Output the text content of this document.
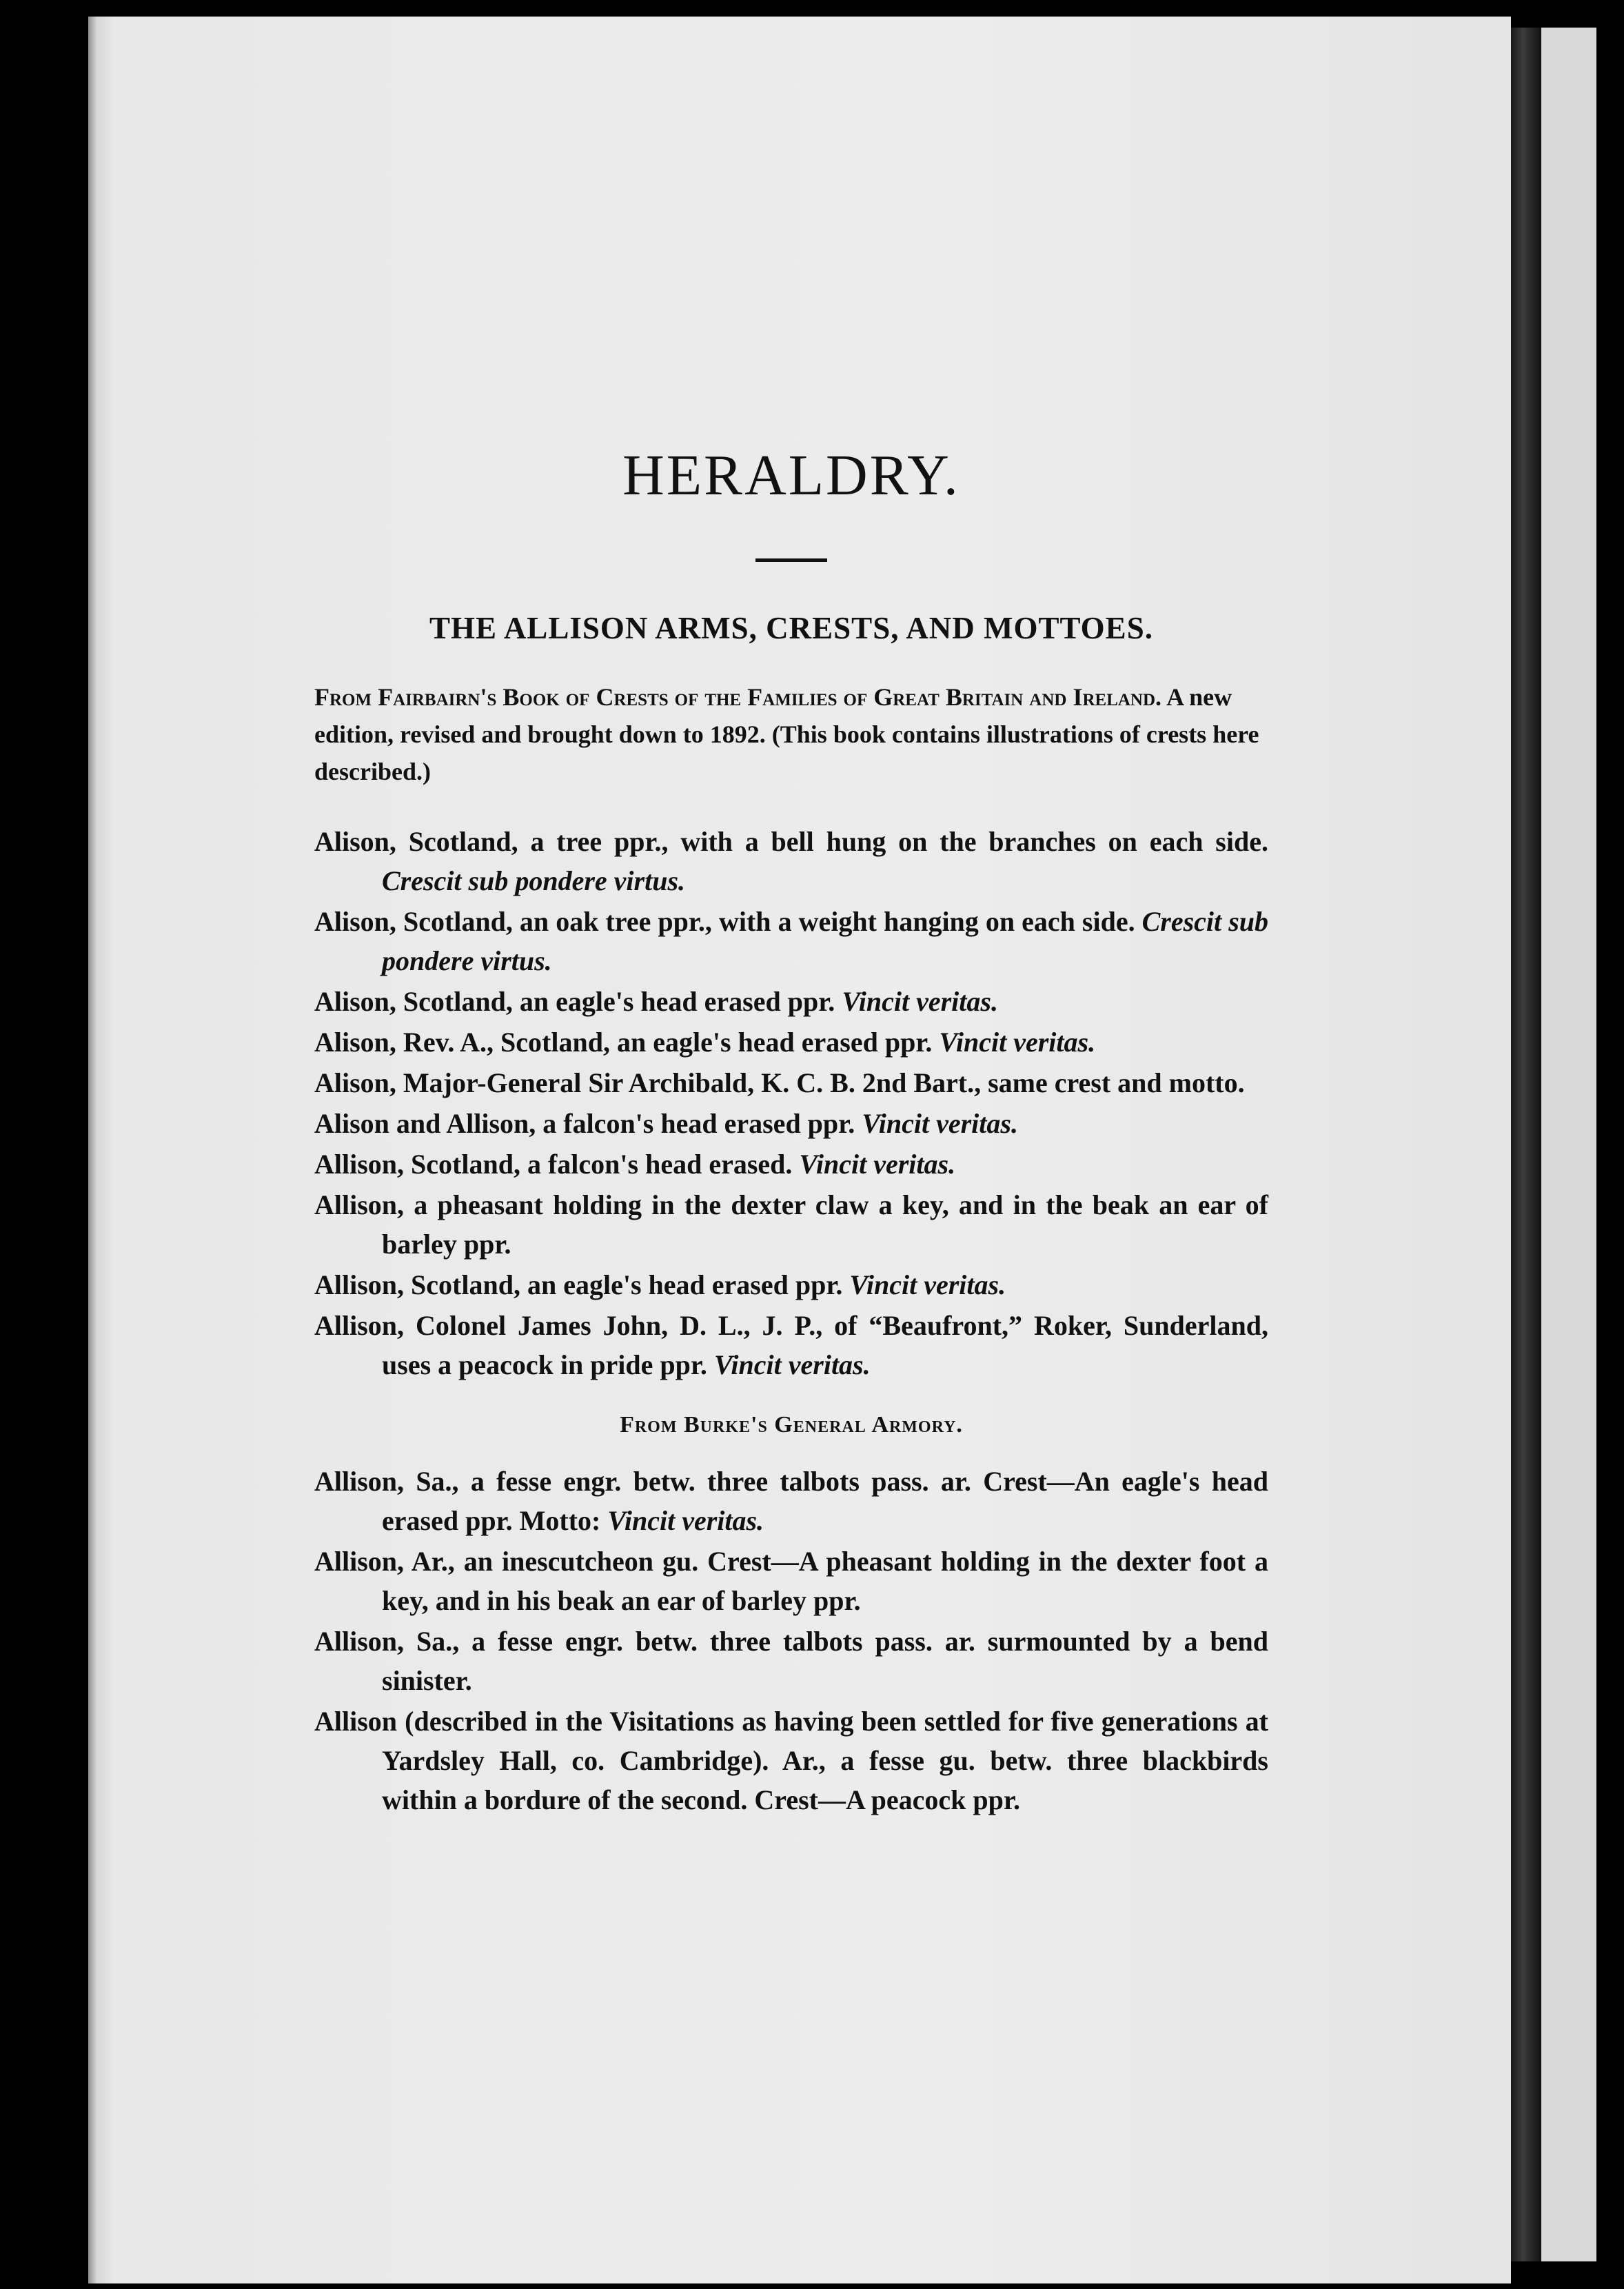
HERALDRY.
THE ALLISON ARMS, CRESTS, AND MOTTOES.

From Fairbairn's Book of Crests of the Families of Great Britain and Ireland. A new edition, revised and brought down to 1892. (This book contains illustrations of crests here described.)

Alison, Scotland, a tree ppr., with a bell hung on the branches on each side. Crescit sub pondere virtus.

Alison, Scotland, an oak tree ppr., with a weight hanging on each side. Crescit sub pondere virtus.

Alison, Scotland, an eagle's head erased ppr. Vincit veritas.

Alison, Rev. A., Scotland, an eagle's head erased ppr. Vincit veritas.

Alison, Major-General Sir Archibald, K. C. B. 2nd Bart., same crest and motto.

Alison and Allison, a falcon's head erased ppr. Vincit veritas.

Allison, Scotland, a falcon's head erased. Vincit veritas.

Allison, a pheasant holding in the dexter claw a key, and in the beak an ear of barley ppr.

Allison, Scotland, an eagle's head erased ppr. Vincit veritas.

Allison, Colonel James John, D. L., J. P., of “Beaufront,” Roker, Sunderland, uses a peacock in pride ppr. Vincit veritas.

From Burke's General Armory.

Allison, Sa., a fesse engr. betw. three talbots pass. ar. Crest—An eagle's head erased ppr. Motto: Vincit veritas.

Allison, Ar., an inescutcheon gu. Crest—A pheasant holding in the dexter foot a key, and in his beak an ear of barley ppr.

Allison, Sa., a fesse engr. betw. three talbots pass. ar. surmounted by a bend sinister.

Allison (described in the Visitations as having been settled for five generations at Yardsley Hall, co. Cambridge). Ar., a fesse gu. betw. three blackbirds within a bordure of the second. Crest—A peacock ppr.
